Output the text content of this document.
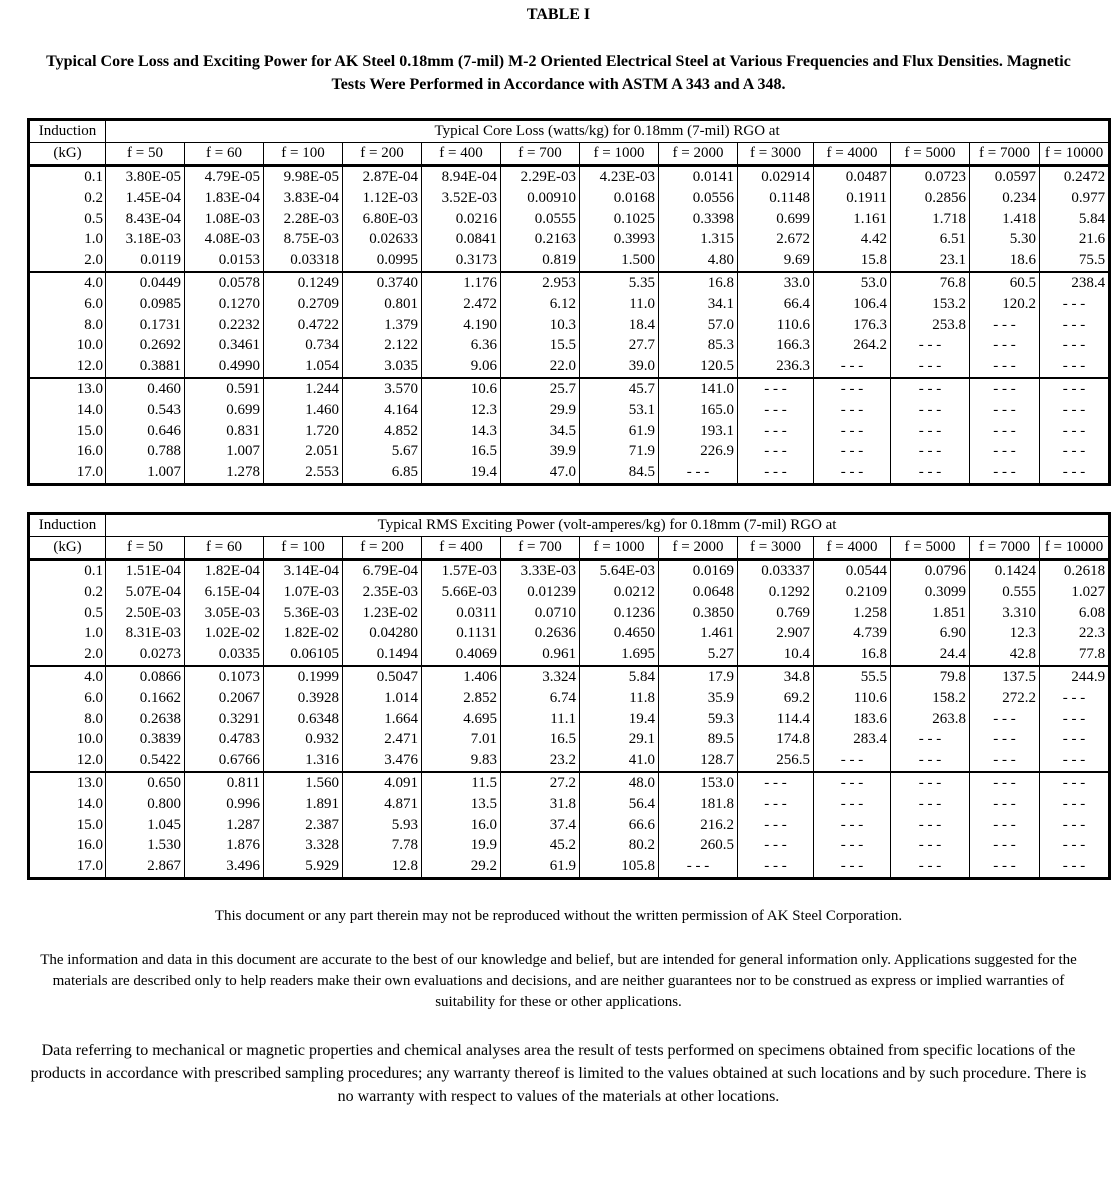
TABLE I
Typical Core Loss and Exciting Power for AK Steel 0.18mm (7-mil) M-2 Oriented Electrical Steel at Various Frequencies and Flux Densities. Magnetic Tests Were Performed in Accordance with ASTM A 343 and A 348.
Induction	Typical Core Loss (watts/kg) for 0.18mm (7-mil) RGO at												
(kG)	f = 50	f = 60	f = 100	f = 200	f = 400	f = 700	f = 1000	f = 2000	f = 3000	f = 4000	f = 5000	f = 7000	f = 10000
0.1	3.80E-05	4.79E-05	9.98E-05	2.87E-04	8.94E-04	2.29E-03	4.23E-03	0.0141	0.02914	0.0487	0.0723	0.0597	0.2472
0.2	1.45E-04	1.83E-04	3.83E-04	1.12E-03	3.52E-03	0.00910	0.0168	0.0556	0.1148	0.1911	0.2856	0.234	0.977
0.5	8.43E-04	1.08E-03	2.28E-03	6.80E-03	0.0216	0.0555	0.1025	0.3398	0.699	1.161	1.718	1.418	5.84
1.0	3.18E-03	4.08E-03	8.75E-03	0.02633	0.0841	0.2163	0.3993	1.315	2.672	4.42	6.51	5.30	21.6
2.0	0.0119	0.0153	0.03318	0.0995	0.3173	0.819	1.500	4.80	9.69	15.8	23.1	18.6	75.5
4.0	0.0449	0.0578	0.1249	0.3740	1.176	2.953	5.35	16.8	33.0	53.0	76.8	60.5	238.4
6.0	0.0985	0.1270	0.2709	0.801	2.472	6.12	11.0	34.1	66.4	106.4	153.2	120.2	- - -
8.0	0.1731	0.2232	0.4722	1.379	4.190	10.3	18.4	57.0	110.6	176.3	253.8	- - -	- - -
10.0	0.2692	0.3461	0.734	2.122	6.36	15.5	27.7	85.3	166.3	264.2	- - -	- - -	- - -
12.0	0.3881	0.4990	1.054	3.035	9.06	22.0	39.0	120.5	236.3	- - -	- - -	- - -	- - -
13.0	0.460	0.591	1.244	3.570	10.6	25.7	45.7	141.0	- - -	- - -	- - -	- - -	- - -
14.0	0.543	0.699	1.460	4.164	12.3	29.9	53.1	165.0	- - -	- - -	- - -	- - -	- - -
15.0	0.646	0.831	1.720	4.852	14.3	34.5	61.9	193.1	- - -	- - -	- - -	- - -	- - -
16.0	0.788	1.007	2.051	5.67	16.5	39.9	71.9	226.9	- - -	- - -	- - -	- - -	- - -
17.0	1.007	1.278	2.553	6.85	19.4	47.0	84.5	- - -	- - -	- - -	- - -	- - -	- - -
Induction	Typical RMS Exciting Power (volt-amperes/kg) for 0.18mm (7-mil) RGO at												
(kG)	f = 50	f = 60	f = 100	f = 200	f = 400	f = 700	f = 1000	f = 2000	f = 3000	f = 4000	f = 5000	f = 7000	f = 10000
0.1	1.51E-04	1.82E-04	3.14E-04	6.79E-04	1.57E-03	3.33E-03	5.64E-03	0.0169	0.03337	0.0544	0.0796	0.1424	0.2618
0.2	5.07E-04	6.15E-04	1.07E-03	2.35E-03	5.66E-03	0.01239	0.0212	0.0648	0.1292	0.2109	0.3099	0.555	1.027
0.5	2.50E-03	3.05E-03	5.36E-03	1.23E-02	0.0311	0.0710	0.1236	0.3850	0.769	1.258	1.851	3.310	6.08
1.0	8.31E-03	1.02E-02	1.82E-02	0.04280	0.1131	0.2636	0.4650	1.461	2.907	4.739	6.90	12.3	22.3
2.0	0.0273	0.0335	0.06105	0.1494	0.4069	0.961	1.695	5.27	10.4	16.8	24.4	42.8	77.8
4.0	0.0866	0.1073	0.1999	0.5047	1.406	3.324	5.84	17.9	34.8	55.5	79.8	137.5	244.9
6.0	0.1662	0.2067	0.3928	1.014	2.852	6.74	11.8	35.9	69.2	110.6	158.2	272.2	- - -
8.0	0.2638	0.3291	0.6348	1.664	4.695	11.1	19.4	59.3	114.4	183.6	263.8	- - -	- - -
10.0	0.3839	0.4783	0.932	2.471	7.01	16.5	29.1	89.5	174.8	283.4	- - -	- - -	- - -
12.0	0.5422	0.6766	1.316	3.476	9.83	23.2	41.0	128.7	256.5	- - -	- - -	- - -	- - -
13.0	0.650	0.811	1.560	4.091	11.5	27.2	48.0	153.0	- - -	- - -	- - -	- - -	- - -
14.0	0.800	0.996	1.891	4.871	13.5	31.8	56.4	181.8	- - -	- - -	- - -	- - -	- - -
15.0	1.045	1.287	2.387	5.93	16.0	37.4	66.6	216.2	- - -	- - -	- - -	- - -	- - -
16.0	1.530	1.876	3.328	7.78	19.9	45.2	80.2	260.5	- - -	- - -	- - -	- - -	- - -
17.0	2.867	3.496	5.929	12.8	29.2	61.9	105.8	- - -	- - -	- - -	- - -	- - -	- - -
This document or any part therein may not be reproduced without the written permission of AK Steel Corporation.
The information and data in this document are accurate to the best of our knowledge and belief, but are intended for general information only. Applications suggested for the materials are described only to help readers make their own evaluations and decisions, and are neither guarantees nor to be construed as express or implied warranties of suitability for these or other applications.
Data referring to mechanical or magnetic properties and chemical analyses area the result of tests performed on specimens obtained from specific locations of the products in accordance with prescribed sampling procedures; any warranty thereof is limited to the values obtained at such locations and by such procedure. There is no warranty with respect to values of the materials at other locations.
